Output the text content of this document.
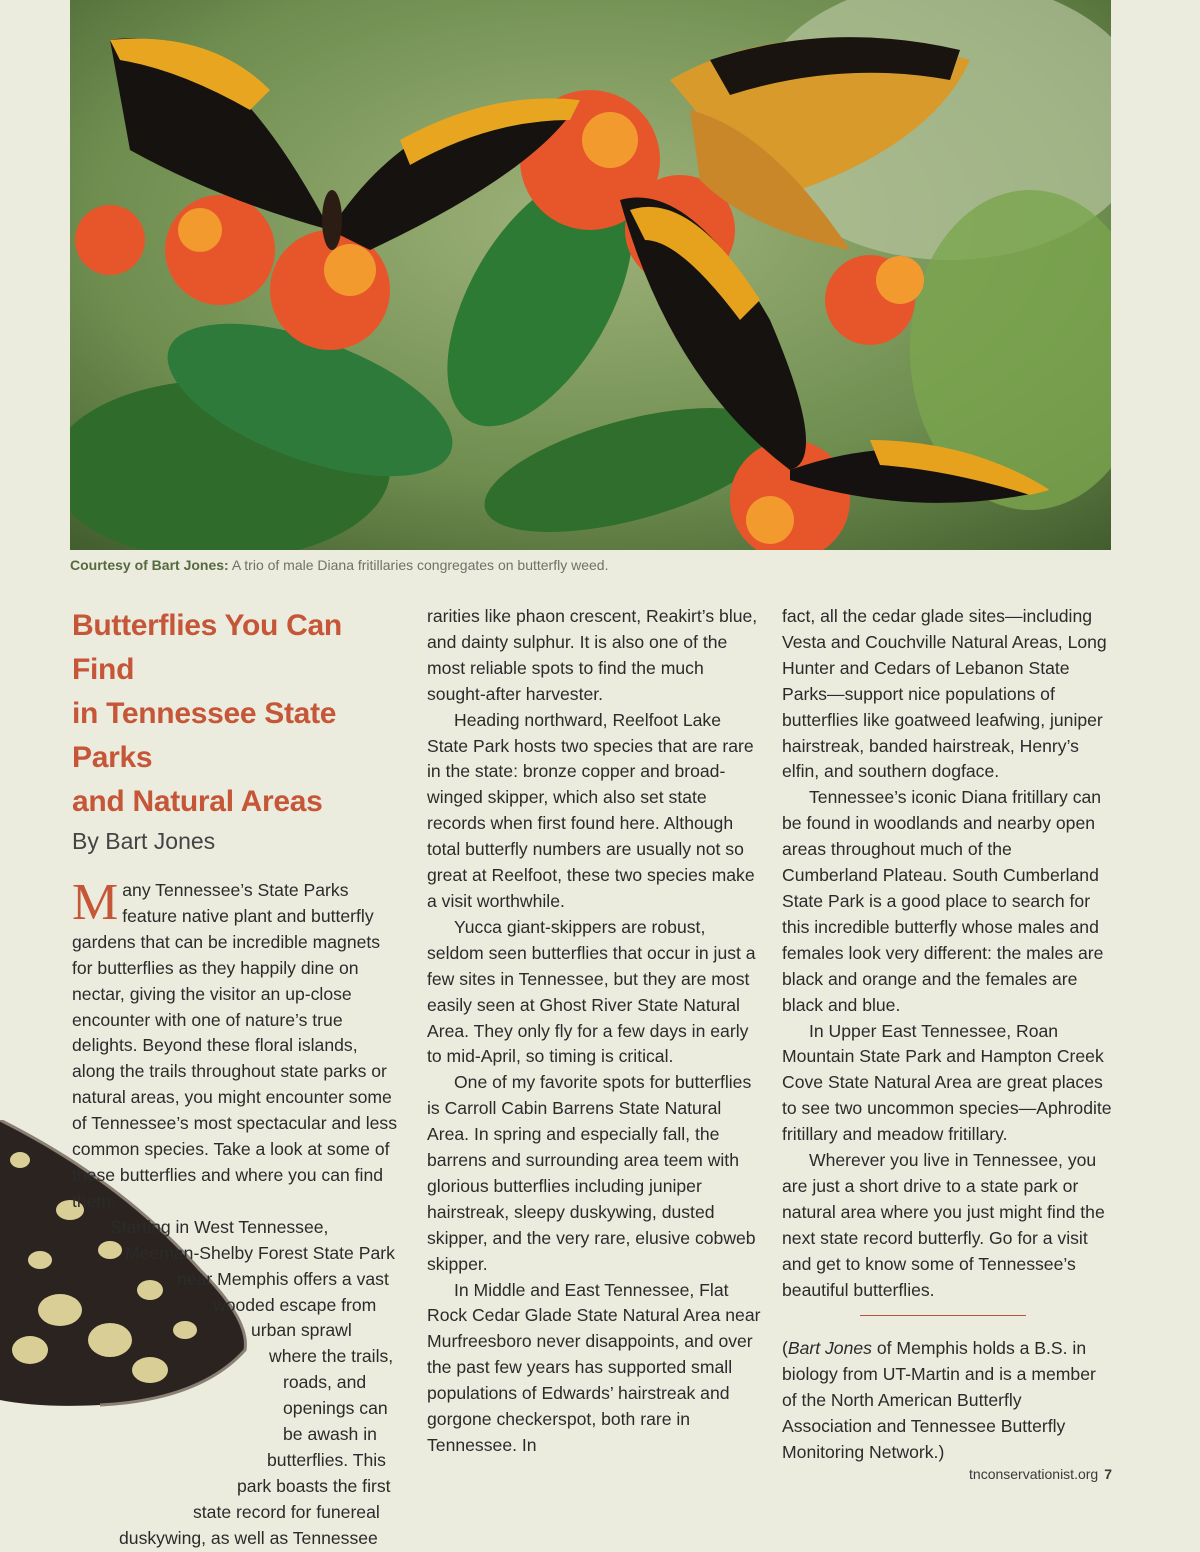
Courtesy of Bart Jones: A trio of male Diana fritillaries congregates on butterfly weed.
Butterflies You Can Find
in Tennessee State Parks
and Natural Areas
By Bart Jones

Many Tennessee’s State Parks feature native plant and butterfly gardens that can be incredible magnets for butterflies as they happily dine on nectar, giving the visitor an up-close encounter with one of nature’s true delights. Beyond these floral islands, along the trails throughout state parks or natural areas, you might encounter some of Tennessee’s most spectacular and less common species. Take a look at some of these butterflies and where you can find them.

Starting in West Tennessee,
Meeman-Shelby Forest State Park
near Memphis offers a vast
wooded escape from
urban sprawl
where the trails,
roads, and
openings can
be awash in
butterflies. This
park boasts the first
state record for funereal
duskywing, as well as Tennessee

rarities like phaon crescent, Reakirt’s blue, and dainty sulphur. It is also one of the most reliable spots to find the much sought-after harvester.

Heading northward, Reelfoot Lake State Park hosts two species that are rare in the state: bronze copper and broad-winged skipper, which also set state records when first found here. Although total butterfly numbers are usually not so great at Reelfoot, these two species make a visit worthwhile.

Yucca giant-skippers are robust, seldom seen butterflies that occur in just a few sites in Tennessee, but they are most easily seen at Ghost River State Natural Area. They only fly for a few days in early to mid-April, so timing is critical.

One of my favorite spots for butterflies is Carroll Cabin Barrens State Natural Area. In spring and especially fall, the barrens and surrounding area teem with glorious butterflies including juniper hairstreak, sleepy duskywing, dusted skipper, and the very rare, elusive cobweb skipper.

In Middle and East Tennessee, Flat Rock Cedar Glade State Natural Area near Murfreesboro never disappoints, and over the past few years has supported small populations of Edwards’ hairstreak and gorgone checkerspot, both rare in Tennessee. In

fact, all the cedar glade sites—including Vesta and Couchville Natural Areas, Long Hunter and Cedars of Lebanon State Parks—support nice populations of butterflies like goatweed leafwing, juniper hairstreak, banded hairstreak, Henry’s elfin, and southern dogface.

Tennessee’s iconic Diana fritillary can be found in woodlands and nearby open areas throughout much of the Cumberland Plateau. South Cumberland State Park is a good place to search for this incredible butterfly whose males and females look very different: the males are black and orange and the females are black and blue.

In Upper East Tennessee, Roan Mountain State Park and Hampton Creek Cove State Natural Area are great places to see two uncommon species—Aphrodite fritillary and meadow fritillary.

Wherever you live in Tennessee, you are just a short drive to a state park or natural area where you just might find the next state record butterfly. Go for a visit and get to know some of Tennessee’s beautiful butterflies.

(Bart Jones of Memphis holds a B.S. in biology from UT-Martin and is a member of the North American Butterfly Association and Tennessee Butterfly Monitoring Network.)

tnconservationist.org 7
